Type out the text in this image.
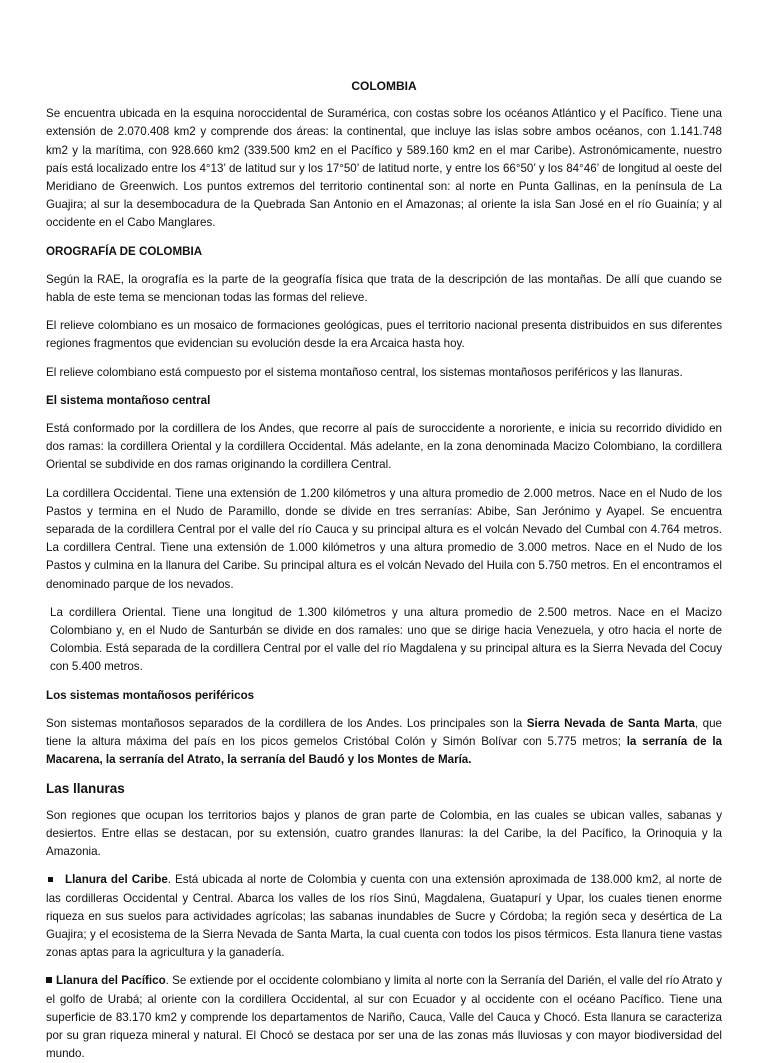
COLOMBIA

Se encuentra ubicada en la esquina noroccidental de Suramérica, con costas sobre los océanos Atlántico y el Pacífico. Tiene una extensión de 2.070.408 km2 y comprende dos áreas: la continental, que incluye las islas sobre ambos océanos, con 1.141.748 km2 y la marítima, con 928.660 km2 (339.500 km2 en el Pacífico y 589.160 km2 en el mar Caribe). Astronómicamente, nuestro país está localizado entre los 4°13’ de latitud sur y los 17°50’ de latitud norte, y entre los 66°50’ y los 84°46’ de longitud al oeste del Meridiano de Greenwich. Los puntos extremos del territorio continental son: al norte en Punta Gallinas, en la península de La Guajira; al sur la desembocadura de la Quebrada San Antonio en el Amazonas; al oriente la isla San José en el río Guainía; y al occidente en el Cabo Manglares.

OROGRAFÍA DE COLOMBIA

Según la RAE, la orografía es la parte de la geografía física que trata de la descripción de las montañas. De allí que cuando se habla de este tema se mencionan todas las formas del relieve.

El relieve colombiano es un mosaico de formaciones geológicas, pues el territorio nacional presenta distribuidos en sus diferentes regiones fragmentos que evidencian su evolución desde la era Arcaica hasta hoy.

El relieve colombiano está compuesto por el sistema montañoso central, los sistemas montañosos periféricos y las llanuras.

El sistema montañoso central

Está conformado por la cordillera de los Andes, que recorre al país de suroccidente a nororiente, e inicia su recorrido dividido en dos ramas: la cordillera Oriental y la cordillera Occidental. Más adelante, en la zona denominada Macizo Colombiano, la cordillera Oriental se subdivide en dos ramas originando la cordillera Central.

La cordillera Occidental. Tiene una extensión de 1.200 kilómetros y una altura promedio de 2.000 metros. Nace en el Nudo de los Pastos y termina en el Nudo de Paramillo, donde se divide en tres serranías: Abibe, San Jerónimo y Ayapel. Se encuentra separada de la cordillera Central por el valle del río Cauca y su principal altura es el volcán Nevado del Cumbal con 4.764 metros. La cordillera Central. Tiene una extensión de 1.000 kilómetros y una altura promedio de 3.000 metros. Nace en el Nudo de los Pastos y culmina en la llanura del Caribe. Su principal altura es el volcán Nevado del Huila con 5.750 metros. En el encontramos el denominado parque de los nevados.

La cordillera Oriental. Tiene una longitud de 1.300 kilómetros y una altura promedio de 2.500 metros. Nace en el Macizo Colombiano y, en el Nudo de Santurbán se divide en dos ramales: uno que se dirige hacia Venezuela, y otro hacia el norte de Colombia. Está separada de la cordillera Central por el valle del río Magdalena y su principal altura es la Sierra Nevada del Cocuy con 5.400 metros.

Los sistemas montañosos periféricos

Son sistemas montañosos separados de la cordillera de los Andes. Los principales son la Sierra Nevada de Santa Marta, que tiene la altura máxima del país en los picos gemelos Cristóbal Colón y Simón Bolívar con 5.775 metros; la serranía de la Macarena, la serranía del Atrato, la serranía del Baudó y los Montes de María.

Las llanuras

Son regiones que ocupan los territorios bajos y planos de gran parte de Colombia, en las cuales se ubican valles, sabanas y desiertos. Entre ellas se destacan, por su extensión, cuatro grandes llanuras: la del Caribe, la del Pacífico, la Orinoquia y la Amazonia.

Llanura del Caribe. Está ubicada al norte de Colombia y cuenta con una extensión aproximada de 138.000 km2, al norte de las cordilleras Occidental y Central. Abarca los valles de los ríos Sinú, Magdalena, Guatapurí y Upar, los cuales tienen enorme riqueza en sus suelos para actividades agrícolas; las sabanas inundables de Sucre y Córdoba; la región seca y desértica de La Guajira; y el ecosistema de la Sierra Nevada de Santa Marta, la cual cuenta con todos los pisos térmicos. Esta llanura tiene vastas zonas aptas para la agricultura y la ganadería.

Llanura del Pacífico. Se extiende por el occidente colombiano y limita al norte con la Serranía del Darién, el valle del río Atrato y el golfo de Urabá; al oriente con la cordillera Occidental, al sur con Ecuador y al occidente con el océano Pacífico. Tiene una superficie de 83.170 km2 y comprende los departamentos de Nariño, Cauca, Valle del Cauca y Chocó. Esta llanura se caracteriza por su gran riqueza mineral y natural. El Chocó se destaca por ser una de las zonas más lluviosas y con mayor biodiversidad del mundo.
